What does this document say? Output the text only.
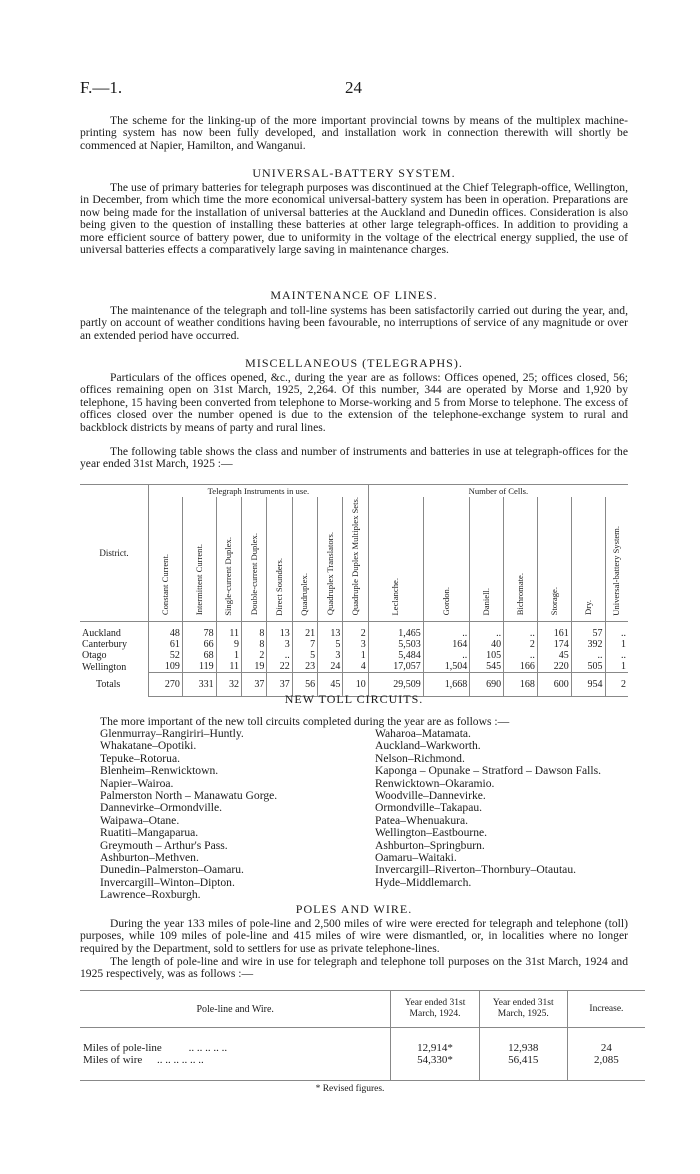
F.—1.	24

The scheme for the linking-up of the more important provincial towns by means of the multiplex machine-printing system has now been fully developed, and installation work in connection therewith will shortly be commenced at Napier, Hamilton, and Wanganui.

UNIVERSAL-BATTERY SYSTEM.

The use of primary batteries for telegraph purposes was discontinued at the Chief Telegraph-office, Wellington, in December, from which time the more economical universal-battery system has been in operation. Preparations are now being made for the installation of universal batteries at the Auckland and Dunedin offices. Consideration is also being given to the question of installing these batteries at other large telegraph-offices. In addition to providing a more efficient source of battery power, due to uniformity in the voltage of the electrical energy supplied, the use of universal batteries effects a comparatively large saving in maintenance charges.

MAINTENANCE OF LINES.

The maintenance of the telegraph and toll-line systems has been satisfactorily carried out during the year, and, partly on account of weather conditions having been favourable, no interruptions of service of any magnitude or over an extended period have occurred.

MISCELLANEOUS (TELEGRAPHS).

Particulars of the offices opened, &c., during the year are as follows: Offices opened, 25; offices closed, 56; offices remaining open on 31st March, 1925, 2,264. Of this number, 344 are operated by Morse and 1,920 by telephone, 15 having been converted from telephone to Morse-working and 5 from Morse to telephone. The excess of offices closed over the number opened is due to the extension of the telephone-exchange system to rural and backblock districts by means of party and rural lines.

The following table shows the class and number of instruments and batteries in use at telegraph-offices for the year ended 31st March, 1925 :—

District.	Telegraph Instruments in use.								Number of Cells.						
	Constant Current.	Intermittent Current.	Single-current Duplex.	Double-current Duplex.	Direct Sounders.	Quadruplex.	Quadruplex Translators.	Quadruple Duplex Multiplex Sets.	Leclanche.	Gordon.	Daniell.	Bichromate.	Storage.	Dry.	Universal-battery System.
Auckland	48	78	11	8	13	21	13	2	1,465	..	..	..	161	57	..
Canterbury	61	66	9	8	3	7	5	3	5,503	164	40	2	174	392	1
Otago	52	68	1	2	..	5	3	1	5,484	..	105	..	45	..	..
Wellington	109	119	11	19	22	23	24	4	17,057	1,504	545	166	220	505	1
Totals	270	331	32	37	37	56	45	10	29,509	1,668	690	168	600	954	2

NEW TOLL CIRCUITS.

The more important of the new toll circuits completed during the year are as follows :—
Glenmurray–Rangiriri–Huntly.
Whakatane–Opotiki.
Tepuke–Rotorua.
Blenheim–Renwicktown.
Napier–Wairoa.
Palmerston North – Manawatu Gorge.
Dannevirke–Ormondville.
Waipawa–Otane.
Ruatiti–Mangaparua.
Greymouth – Arthur's Pass.
Ashburton–Methven.
Dunedin–Palmerston–Oamaru.
Invercargill–Winton–Dipton.
Lawrence–Roxburgh.
Waharoa–Matamata.
Auckland–Warkworth.
Nelson–Richmond.
Kaponga – Opunake – Stratford – Dawson Falls.
Renwicktown–Okaramio.
Woodville–Dannevirke.
Ormondville–Takapau.
Patea–Whenuakura.
Wellington–Eastbourne.
Ashburton–Springburn.
Oamaru–Waitaki.
Invercargill–Riverton–Thornbury–Otautau.
Hyde–Middlemarch.

POLES AND WIRE.

During the year 133 miles of pole-line and 2,500 miles of wire were erected for telegraph and telephone (toll) purposes, while 109 miles of pole-line and 415 miles of wire were dismantled, or, in localities where no longer required by the Department, sold to settlers for use as private telephone-lines.

The length of pole-line and wire in use for telegraph and telephone toll purposes on the 31st March, 1924 and 1925 respectively, was as follows :—

Pole-line and Wire.	Year ended 31st March, 1924.	Year ended 31st March, 1925.	Increase.

Miles of pole-line .. .. .. .. ..	12,914*	12,938	24
Miles of wire .. .. .. .. .. ..	54,330*	56,415	2,085

* Revised figures.
